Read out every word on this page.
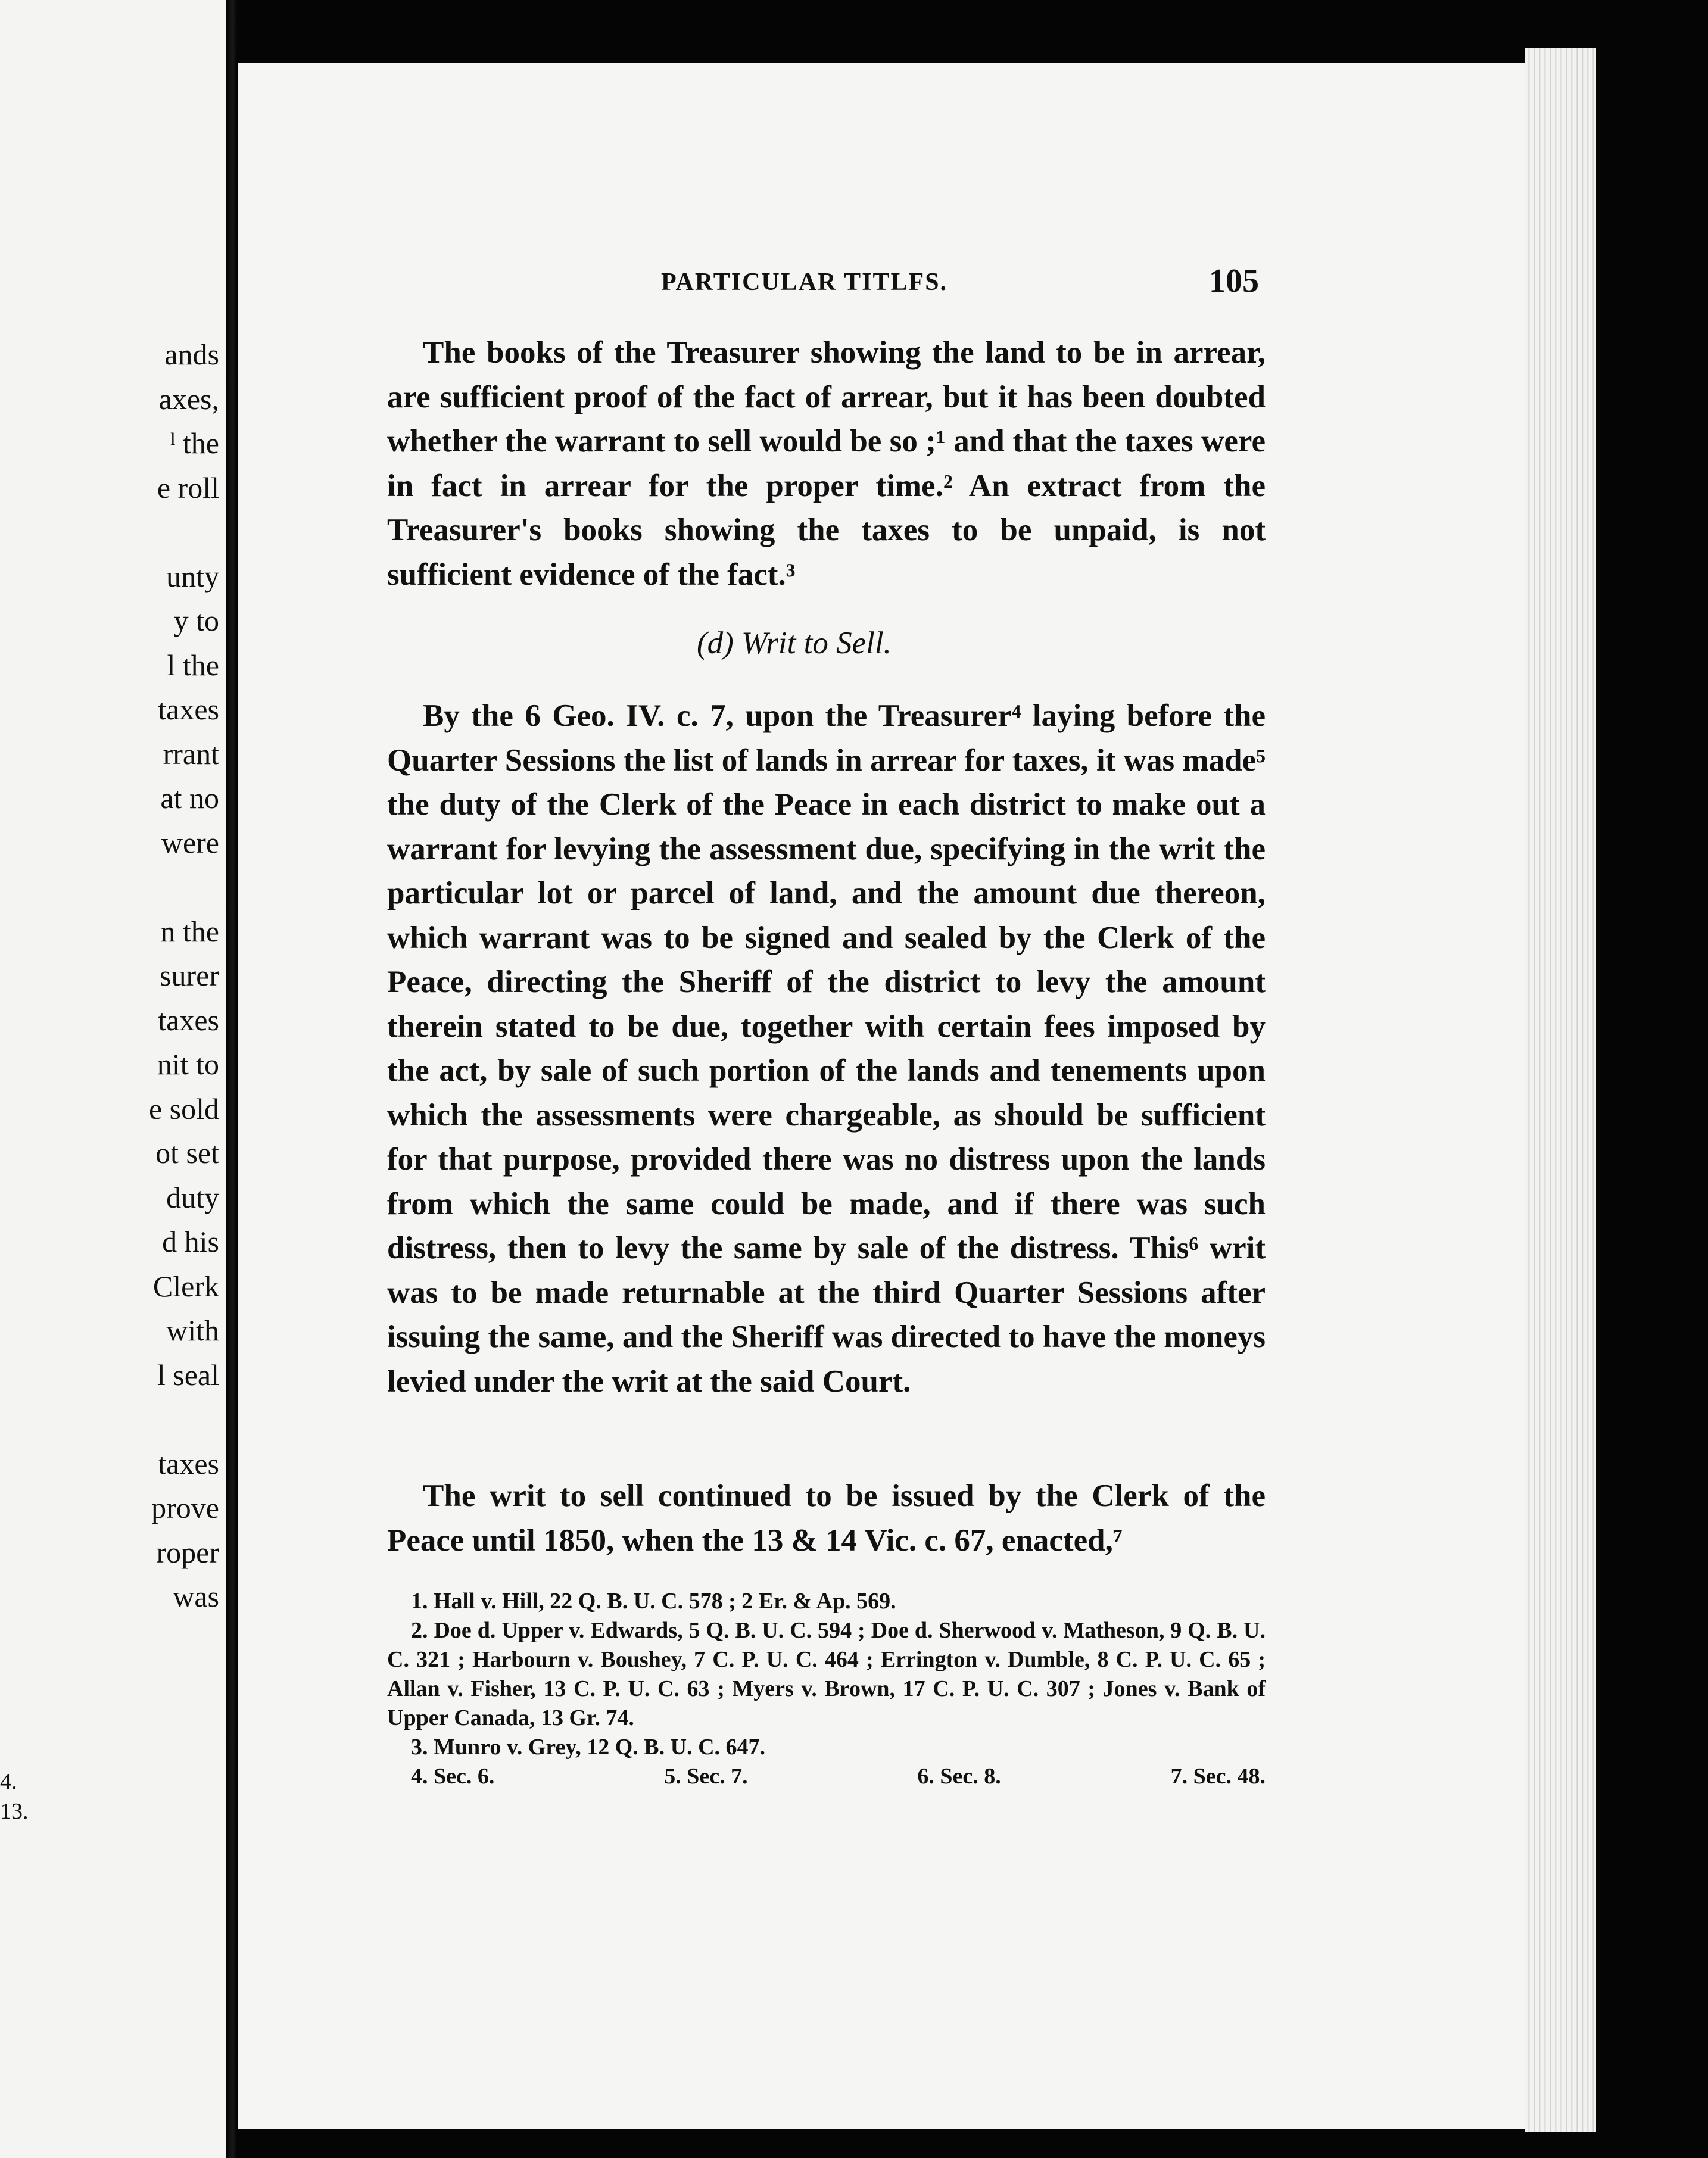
ands
axes,
ˡ the
e roll
unty
y to
l the
taxes
rrant
at no
were
n the
surer
taxes
nit to
e sold
ot set
duty
d his
Clerk
with
l seal
taxes
prove
roper
was
4.
13.
PARTICULAR TITLFS.	105

The books of the Treasurer showing the land to be in arrear, are sufficient proof of the fact of arrear, but it has been doubted whether the warrant to sell would be so ;¹ and that the taxes were in fact in arrear for the proper time.² An extract from the Treasurer's books showing the taxes to be unpaid, is not sufficient evidence of the fact.³

(d) Writ to Sell.

By the 6 Geo. IV. c. 7, upon the Treasurer⁴ laying before the Quarter Sessions the list of lands in arrear for taxes, it was made⁵ the duty of the Clerk of the Peace in each district to make out a warrant for levying the assessment due, specifying in the writ the particular lot or parcel of land, and the amount due thereon, which warrant was to be signed and sealed by the Clerk of the Peace, directing the Sheriff of the district to levy the amount therein stated to be due, together with certain fees imposed by the act, by sale of such portion of the lands and tenements upon which the assessments were chargeable, as should be sufficient for that purpose, provided there was no distress upon the lands from which the same could be made, and if there was such distress, then to levy the same by sale of the distress. This⁶ writ was to be made returnable at the third Quarter Sessions after issuing the same, and the Sheriff was directed to have the moneys levied under the writ at the said Court.

The writ to sell continued to be issued by the Clerk of the Peace until 1850, when the 13 & 14 Vic. c. 67, enacted,⁷

1. Hall v. Hill, 22 Q. B. U. C. 578 ; 2 Er. & Ap. 569.

2. Doe d. Upper v. Edwards, 5 Q. B. U. C. 594 ; Doe d. Sherwood v. Matheson, 9 Q. B. U. C. 321 ; Harbourn v. Boushey, 7 C. P. U. C. 464 ; Errington v. Dumble, 8 C. P. U. C. 65 ; Allan v. Fisher, 13 C. P. U. C. 63 ; Myers v. Brown, 17 C. P. U. C. 307 ; Jones v. Bank of Upper Canada, 13 Gr. 74.

3. Munro v. Grey, 12 Q. B. U. C. 647.

4. Sec. 6.	5. Sec. 7.	6. Sec. 8.	7. Sec. 48.
